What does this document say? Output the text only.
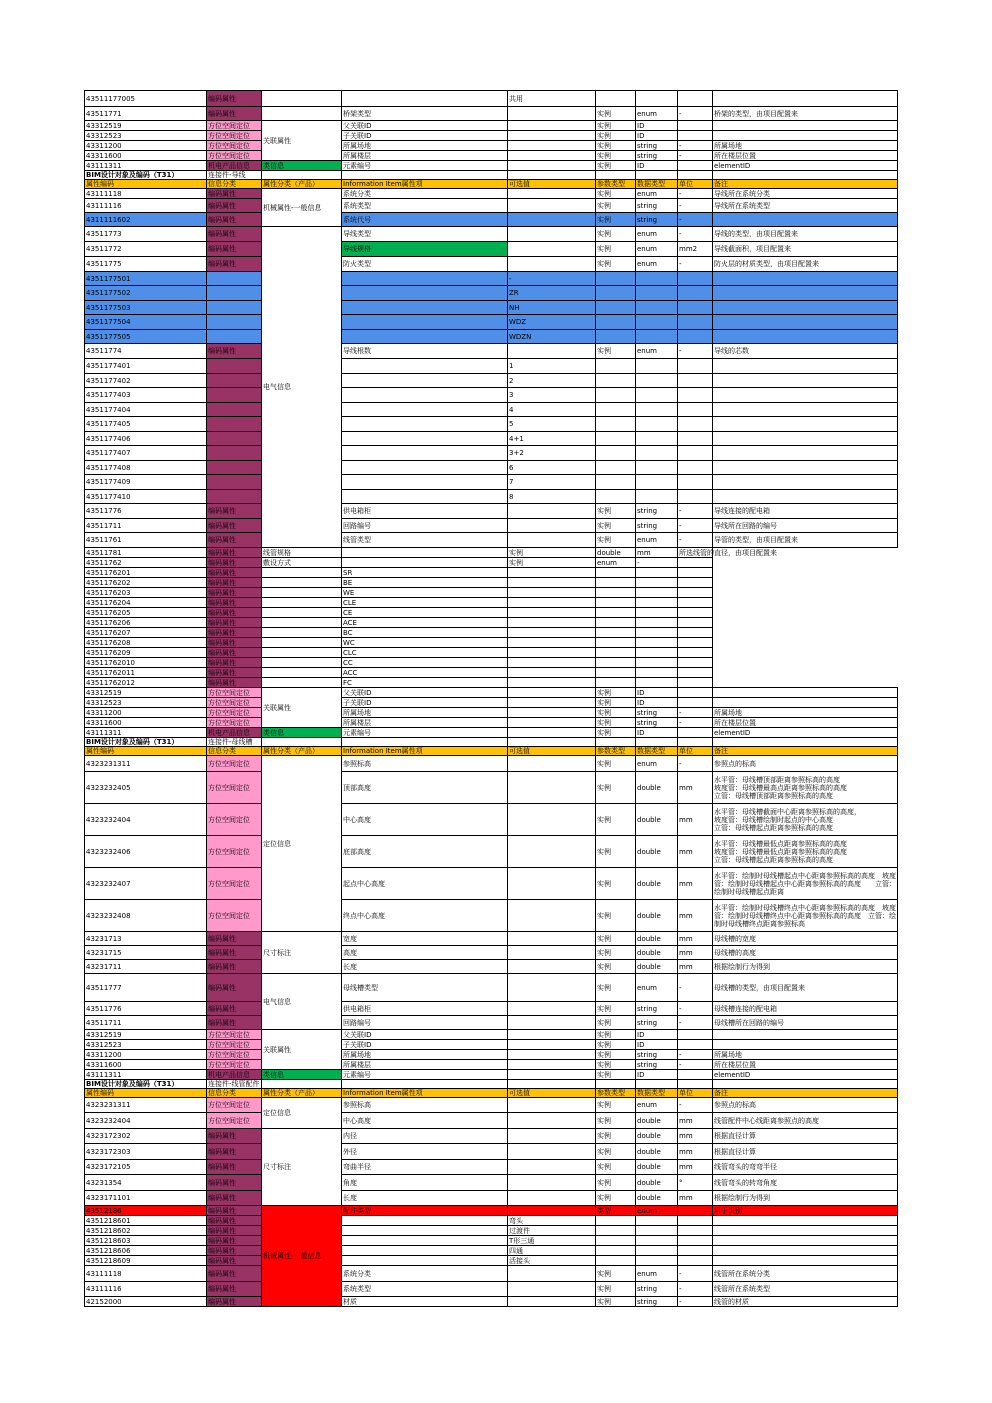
43511177005	编码属性			共用				
43511771	编码属性		桥架类型		实例	enum	-	桥架的类型，由项目配置来
43312519	方位空间定位	关联属性	父关联ID		实例	ID		
43312523	方位空间定位		子关联ID		实例	ID		
43311200	方位空间定位		所属场地		实例	string	-	所属场地
43311600	方位空间定位		所属楼层		实例	string	-	所在楼层位置
43111311	机电产品信息	类信息	元素编号		实例	ID		elementID
BIM设计对象及编码（T31）	连接件-导线							
属性编码	信息分类	属性分类（产品）	Information Item属性项	可选值	参数类型	数据类型	单位	备注
43111118	编码属性	机械属性-一般信息	系统分类		实例	enum	-	导线所在系统分类
43111116	编码属性		系统类型		实例	string	-	导线所在系统类型
4311111602	编码属性		系统代号		实例	string	-	
43511773	编码属性	电气信息	导线类型		实例	enum	-	导线的类型，由项目配置来
43511772	编码属性		导线规格		实例	enum	mm2	导线截面积，项目配置来
43511775	编码属性		防火类型		实例	enum	-	防火层的材质类型，由项目配置来
4351177501				-				
4351177502				ZR				
4351177503				NH				
4351177504				WDZ				
4351177505				WDZN				
43511774	编码属性		导线根数		实例	enum	-	导线的芯数
4351177401				1				
4351177402				2				
4351177403				3				
4351177404				4				
4351177405				5				
4351177406				4+1				
4351177407				3+2				
4351177408				6				
4351177409				7				
4351177410				8				
43511776	编码属性		供电箱柜		实例	string	-	导线连接的配电箱
43511711	编码属性		回路编号		实例	string	-	导线所在回路的编号
43511761	编码属性		线管类型		实例	enum	-	导管的类型，由项目配置来
43511781	编码属性	线管规格		实例	double	mm	所选线管的直径，由项目配置来	
43511762	编码属性	敷设方式		实例	enum	-		
4351176201	编码属性		SR					
4351176202	编码属性		BE					
4351176203	编码属性		WE					
4351176204	编码属性		CLE					
4351176205	编码属性		CE					
4351176206	编码属性		ACE					
4351176207	编码属性		BC					
4351176208	编码属性		WC					
4351176209	编码属性		CLC					
43511762010	编码属性		CC					
43511762011	编码属性		ACC					
43511762012	编码属性		FC					
43312519	方位空间定位	关联属性	父关联ID		实例	ID		
43312523	方位空间定位		子关联ID		实例	ID		
43311200	方位空间定位		所属场地		实例	string	-	所属场地
43311600	方位空间定位		所属楼层		实例	string	-	所在楼层位置
43111311	机电产品信息	类信息	元素编号		实例	ID		elementID
BIM设计对象及编码（T31）	连接件-母线槽							
属性编码	信息分类	属性分类（产品）	Information Item属性项	可选值	参数类型	数据类型	单位	备注
4323231311	方位空间定位	定位信息	参照标高		实例	enum	-	参照点的标高
4323232405	方位空间定位		顶部高度		实例	double	mm	水平管：母线槽顶部距离参照标高的高度
坡度管：母线槽最高点距离参照标高的高度
立管：母线槽顶部距离参照标高的高度
4323232404	方位空间定位		中心高度		实例	double	mm	水平管：母线槽截面中心距离参照标高的高度，
坡度管：母线槽绘制时起点的中心高度
立管：母线槽起点距离参照标高的高度
4323232406	方位空间定位		底部高度		实例	double	mm	水平管：母线槽最低点距离参照标高的高度
坡度管：母线槽最低点距离参照标高的高度
立管：母线槽起点距离参照标高的高度
4323232407	方位空间定位		起点中心高度		实例	double	mm	水平管：绘制时母线槽起点中心距离参照标高的高度　坡度管：绘制时母线槽起点中心距离参照标高的高度　　立管：绘制时母线槽起点距离
4323232408	方位空间定位		终点中心高度		实例	double	mm	水平管：绘制时母线槽终点中心距离参照标高的高度　坡度管：绘制时母线槽终点中心距离参照标高的高度　立管：绘制时母线槽终点距离参照标高
43231713	编码属性	尺寸标注	宽度		实例	double	mm	母线槽的宽度
43231715	编码属性		高度		实例	double	mm	母线槽的高度
43231711	编码属性		长度		实例	double	mm	根据绘制行为得到
43511777	编码属性	电气信息	母线槽类型		实例	enum	-	母线槽的类型，由项目配置来
43511776	编码属性		供电箱柜		实例	string	-	母线槽连接的配电箱
43511711	编码属性		回路编号		实例	string	-	母线槽所在回路的编号
43312519	方位空间定位	关联属性	父关联ID		实例	ID		
43312523	方位空间定位		子关联ID		实例	ID		
43311200	方位空间定位		所属场地		实例	string	-	所属场地
43311600	方位空间定位		所属楼层		实例	string	-	所在楼层位置
43111311	机电产品信息	类信息	元素编号		实例	ID		elementID
BIM设计对象及编码（T31）	连接件-线管配件							
属性编码	信息分类	属性分类（产品）	Information Item属性项	可选值	参数类型	数据类型	单位	备注
4323231311	方位空间定位	定位信息	参照标高		实例	enum	-	参照点的标高
4323232404	方位空间定位		中心高度		实例	double	mm	线管配件中心线距离参照点的高度
4323172302	编码属性	尺寸标注	内径		实例	double	mm	根据直径计算
4323172303	编码属性		外径		实例	double	mm	根据直径计算
4323172105	编码属性		弯曲半径		实例	double	mm	线管弯头的弯弯半径
43231354	编码属性		角度		实例	double	°	线管弯头的转弯角度
4323171101	编码属性		长度		实例	double	mm	根据绘制行为得到
43512186	编码属性	机械属性-一般信息	配件类型		类型	enum		用于识别
4351218601	编码属性			弯头				
4351218602	编码属性			过渡件				
4351218603	编码属性			T形三通				
4351218606	编码属性			四通				
4351218609	编码属性			活接头				
43111118	编码属性		系统分类		实例	enum	-	线管所在系统分类
43111116	编码属性		系统类型		实例	string	-	线管所在系统类型
42152000	编码属性		材质		实例	string	-	线管的材质
